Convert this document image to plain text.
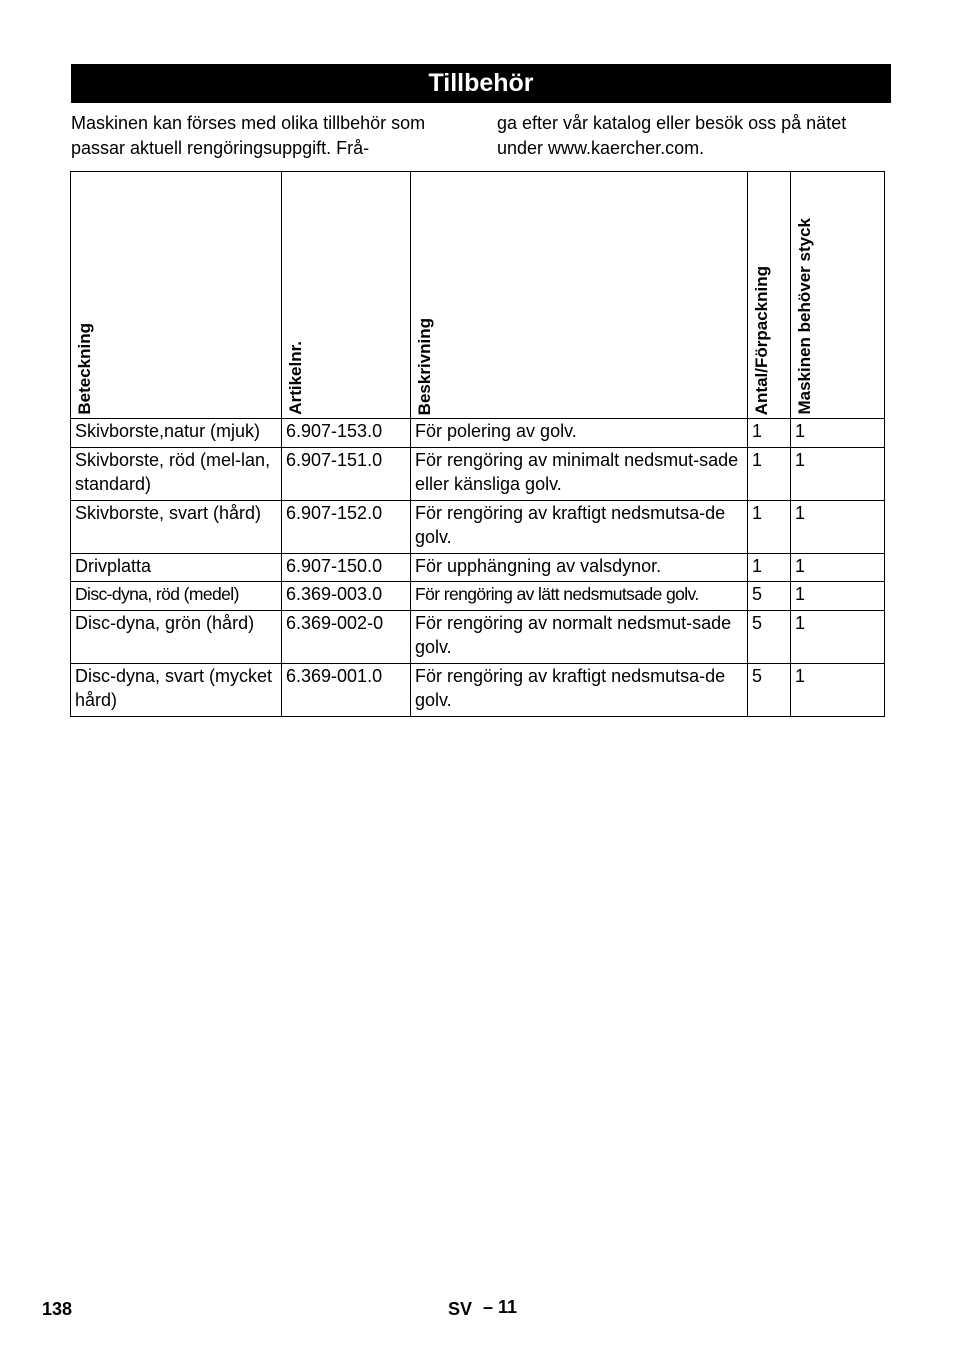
Tillbehör
Maskinen kan förses med olika tillbehör som passar aktuell rengöringsuppgift. Frå-
ga efter vår katalog eller besök oss på nätet under www.kaercher.com.
Beteckning	Artikelnr.	Beskrivning	Antal/Förpackning	Maskinen behöver styck

Skivborste,natur (mjuk)	6.907-153.0	För polering av golv.	1	1
Skivborste, röd (mel-lan, standard)	6.907-151.0	För rengöring av minimalt nedsmut-sade eller känsliga golv.	1	1
Skivborste, svart (hård)	6.907-152.0	För rengöring av kraftigt nedsmutsa-de golv.	1	1
Drivplatta	6.907-150.0	För upphängning av valsdynor.	1	1
Disc-dyna, röd (medel)	6.369-003.0	För rengöring av lätt nedsmutsade golv.	5	1
Disc-dyna, grön (hård)	6.369-002-0	För rengöring av normalt nedsmut-sade golv.	5	1
Disc-dyna, svart (mycket hård)	6.369-001.0	För rengöring av kraftigt nedsmutsa-de golv.	5	1
138	SV – 11
